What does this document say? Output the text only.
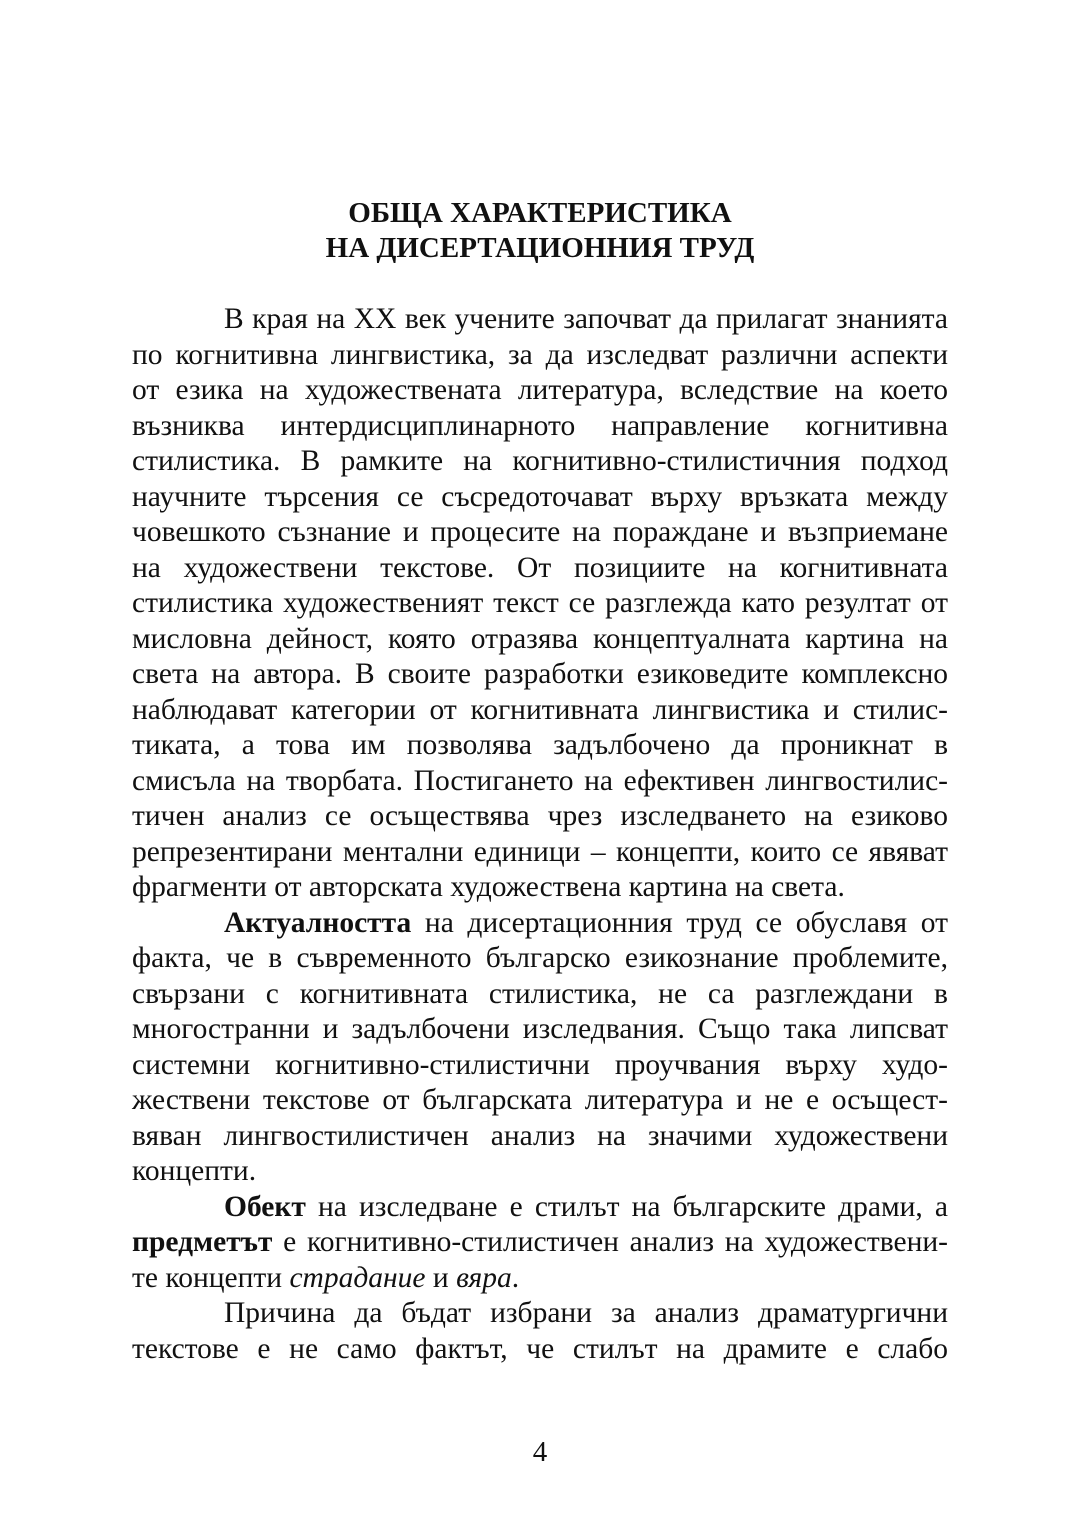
ОБЩА ХАРАКТЕРИСТИКА
НА ДИСЕРТАЦИОННИЯ ТРУД
В края на XX век учените започват да прилагат знанията
по когнитивна лингвистика, за да изследват различни аспекти
от езика на художествената литература, вследствие на което
възниква интердисциплинарното направление когнитивна
стилистика. В рамките на когнитивно-стилистичния подход
научните търсения се съсредоточават върху връзката между
човешкото съзнание и процесите на пораждане и възприемане
на художествени текстове. От позициите на когнитивната
стилистика художественият текст се разглежда като резултат от
мисловна дейност, която отразява концептуалната картина на
света на автора. В своите разработки езиковедите комплексно
наблюдават категории от когнитивната лингвистика и стилис-
тиката, а това им позволява задълбочено да проникнат в
смисъла на творбата. Постигането на ефективен лингвостилис-
тичен анализ се осъществява чрез изследването на езиково
репрезентирани ментални единици – концепти, които се явяват
фрагменти от авторската художествена картина на света.
Актуалността на дисертационния труд се обуславя от
факта, че в съвременното българско езикознание проблемите,
свързани с когнитивната стилистика, не са разглеждани в
многостранни и задълбочени изследвания. Също така липсват
системни когнитивно-стилистични проучвания върху худо-
жествени текстове от българската литература и не е осъщест-
вяван лингвостилистичен анализ на значими художествени
концепти.
Обект на изследване е стилът на българските драми, а
предметът е когнитивно-стилистичен анализ на художествени-
те концепти страдание и вяра.
Причина да бъдат избрани за анализ драматургични
текстове е не само фактът, че стилът на драмите е слабо
4
